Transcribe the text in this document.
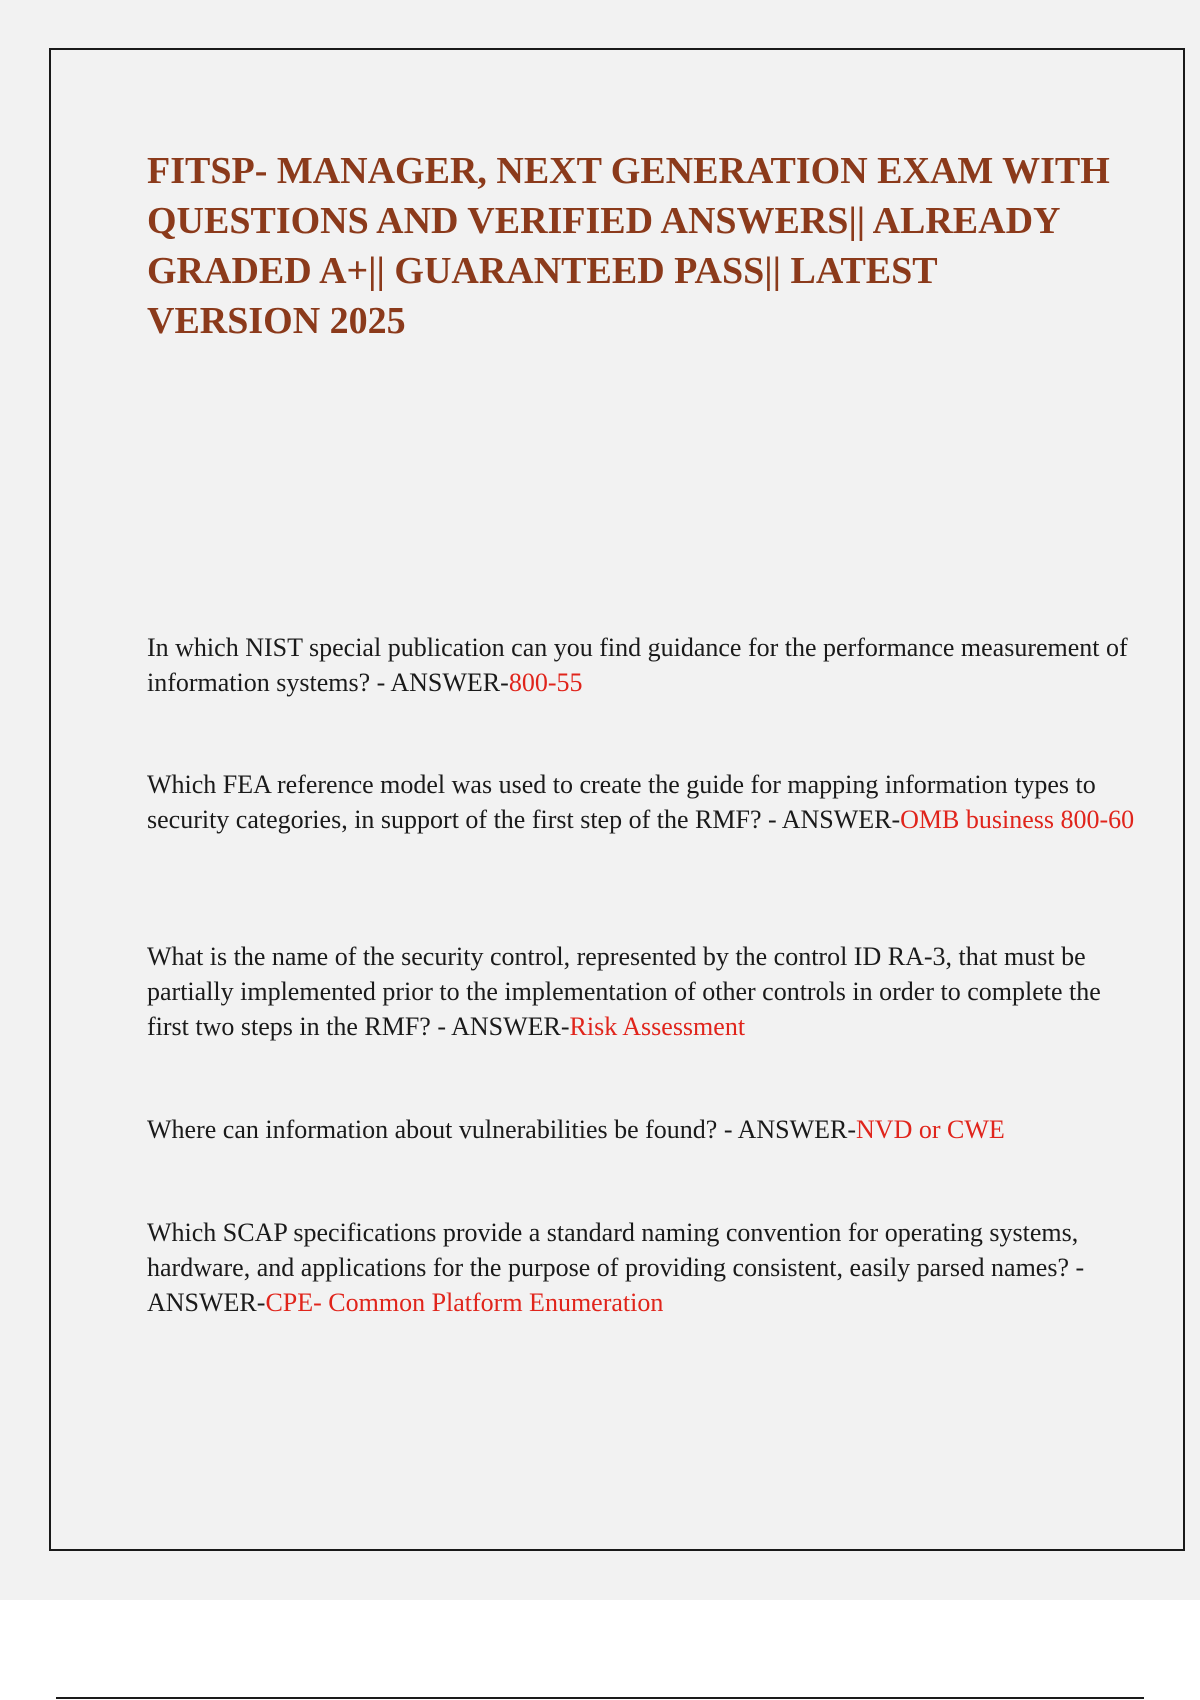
FITSP- MANAGER, NEXT GENERATION EXAM WITH QUESTIONS AND VERIFIED ANSWERS|| ALREADY GRADED A+|| GUARANTEED PASS|| LATEST VERSION 2025

In which NIST special publication can you find guidance for the performance measurement of information systems? - ANSWER-800-55

Which FEA reference model was used to create the guide for mapping information types to security categories, in support of the first step of the RMF? - ANSWER-OMB business 800-60

What is the name of the security control, represented by the control ID RA-3, that must be partially implemented prior to the implementation of other controls in order to complete the first two steps in the RMF? - ANSWER-Risk Assessment

Where can information about vulnerabilities be found? - ANSWER-NVD or CWE

Which SCAP specifications provide a standard naming convention for operating systems, hardware, and applications for the purpose of providing consistent, easily parsed names? - ANSWER-CPE- Common Platform Enumeration
